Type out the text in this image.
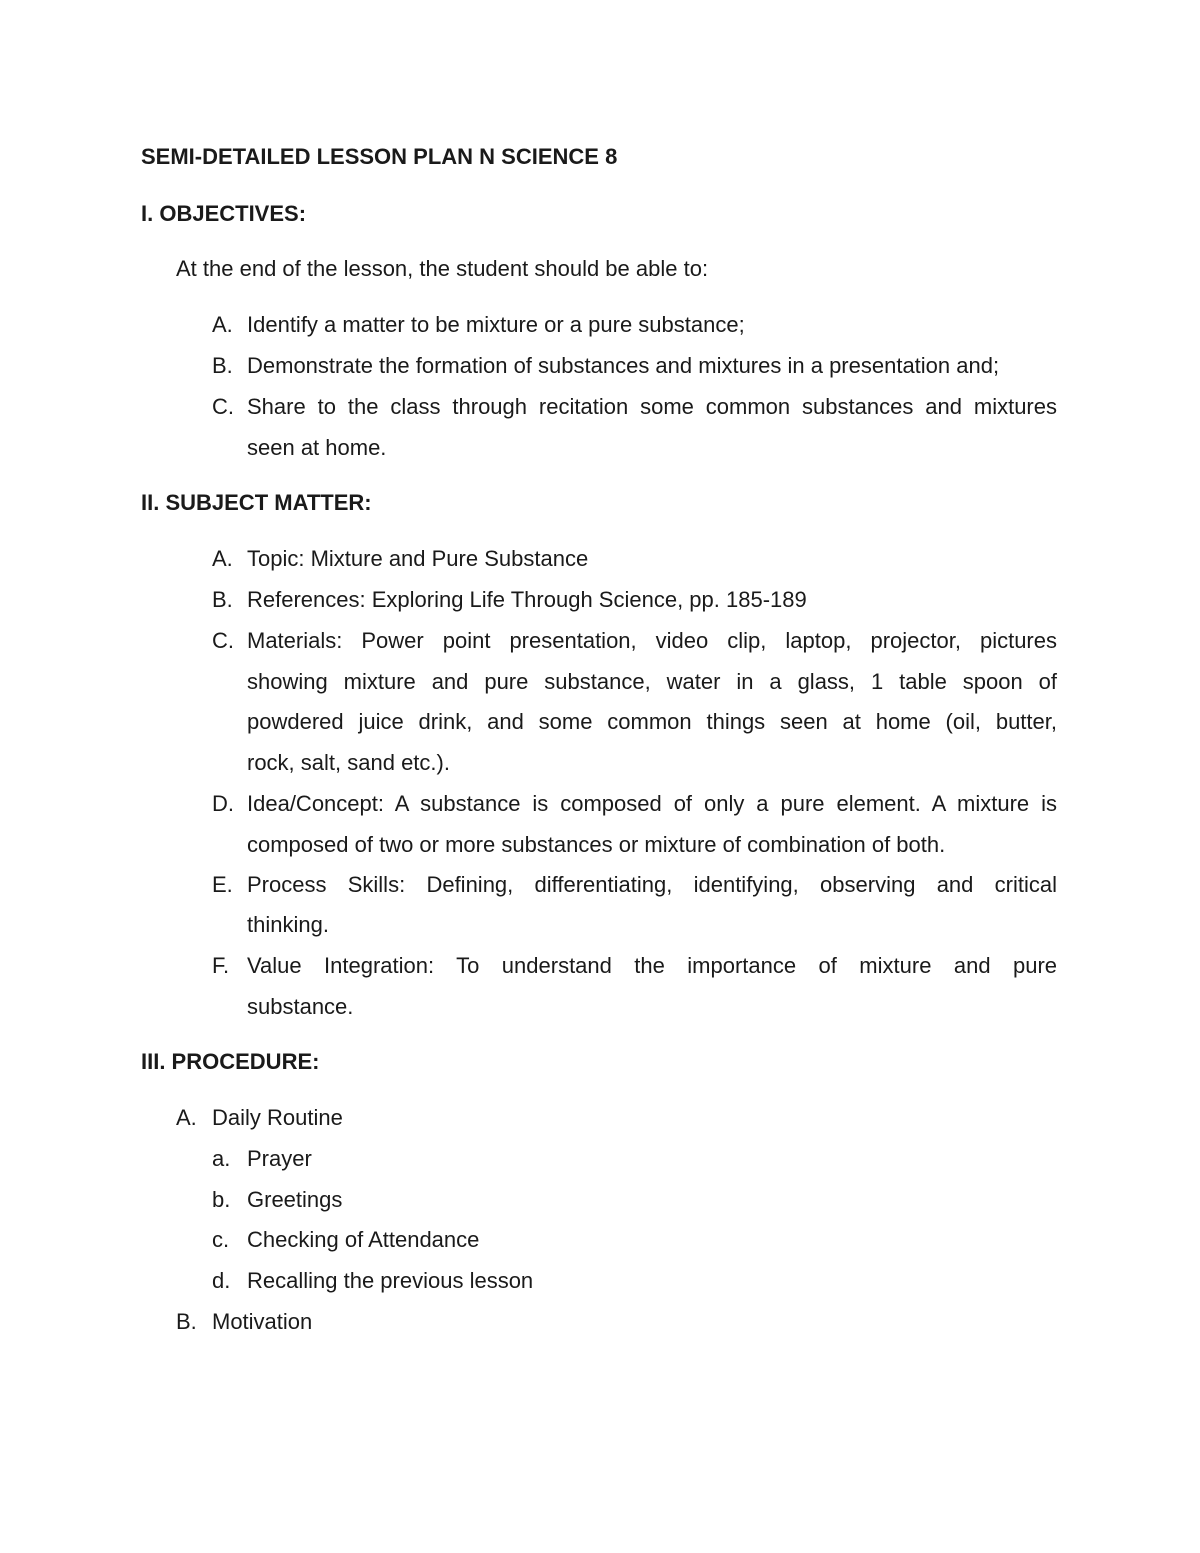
SEMI-DETAILED LESSON PLAN N SCIENCE 8
I. OBJECTIVES:
At the end of the lesson, the student should be able to:
A. Identify a matter to be mixture or a pure substance;
B. Demonstrate the formation of substances and mixtures in a presentation and;
C. Share to the class through recitation some common substances and mixtures
seen at home.
II. SUBJECT MATTER:
A. Topic: Mixture and Pure Substance
B. References: Exploring Life Through Science, pp. 185-189
C. Materials: Power point presentation, video clip, laptop, projector, pictures
showing mixture and pure substance, water in a glass, 1 table spoon of
powdered juice drink, and some common things seen at home (oil, butter,
rock, salt, sand etc.).
D. Idea/Concept: A substance is composed of only a pure element. A mixture is
composed of two or more substances or mixture of combination of both.
E. Process Skills: Defining, differentiating, identifying, observing and critical
thinking.
F. Value Integration: To understand the importance of mixture and pure
substance.
III. PROCEDURE:
A. Daily Routine
a. Prayer
b. Greetings
c. Checking of Attendance
d. Recalling the previous lesson
B. Motivation
